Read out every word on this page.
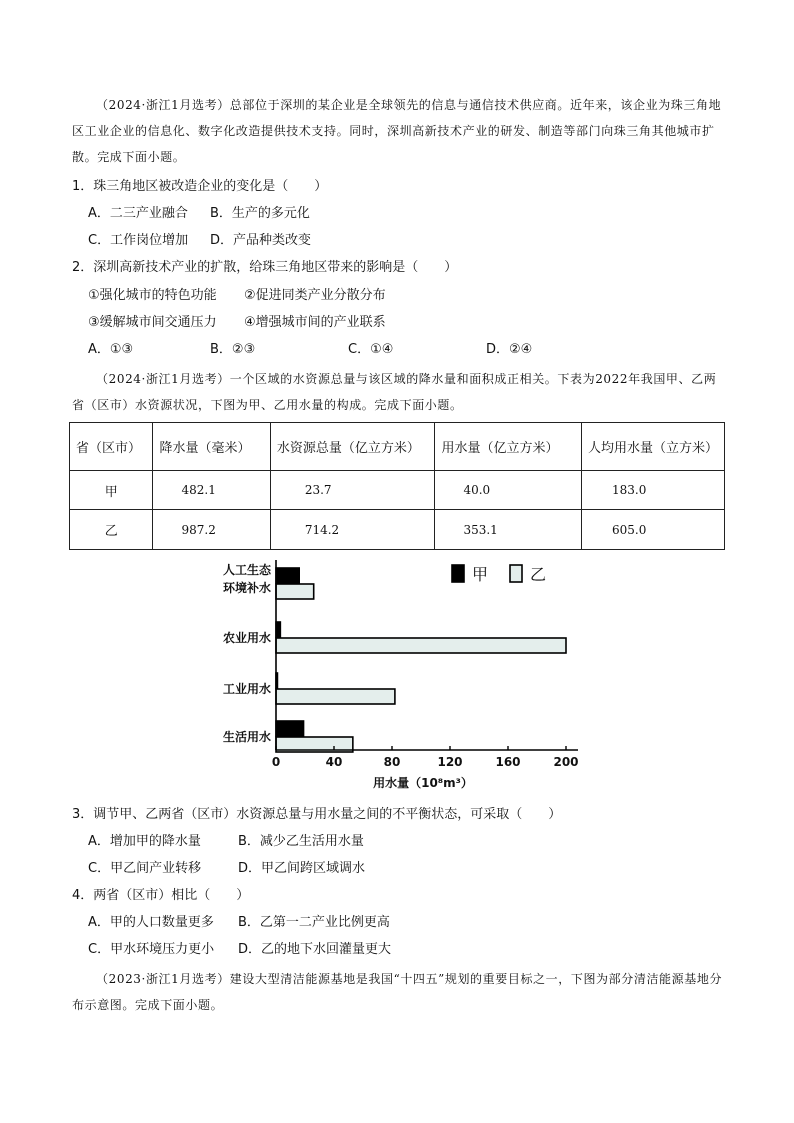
（2024·浙江1月选考）总部位于深圳的某企业是全球领先的信息与通信技术供应商。近年来，该企业为珠三角地区工业企业的信息化、数字化改造提供技术支持。同时，深圳高新技术产业的研发、制造等部门向珠三角其他城市扩散。完成下面小题。
1．珠三角地区被改造企业的变化是（　　）
A．二三产业融合 B．生产的多元化
C．工作岗位增加 D．产品种类改变
2．深圳高新技术产业的扩散，给珠三角地区带来的影响是（　　）
①强化城市的特色功能 ②促进同类产业分散分布
③缓解城市间交通压力 ④增强城市间的产业联系
A．①③	B．②③	C．①④	D．②④
（2024·浙江1月选考）一个区域的水资源总量与该区域的降水量和面积成正相关。下表为2022年我国甲、乙两省（区市）水资源状况，下图为甲、乙用水量的构成。完成下面小题。
省（区市）	降水量（毫米）	水资源总量（亿立方米）	用水量（亿立方米）	人均用水量（立方米）
甲	482.1	23.7	40.0	183.0
乙	987.2	714.2	353.1	605.0
人工生态
环境补水
农业用水
工业用水
生活用水
0	40	80	120	160	200
用水量（10⁸m³）
甲	乙
3．调节甲、乙两省（区市）水资源总量与用水量之间的不平衡状态，可采取（　　）
A．增加甲的降水量	B．减少乙生活用水量
C．甲乙间产业转移	D．甲乙间跨区域调水
4．两省（区市）相比（　　）
A．甲的人口数量更多 B．乙第一二产业比例更高
C．甲水环境压力更小 D．乙的地下水回灌量更大
（2023·浙江1月选考）建设大型清洁能源基地是我国“十四五”规划的重要目标之一，下图为部分清洁能源基地分布示意图。完成下面小题。
